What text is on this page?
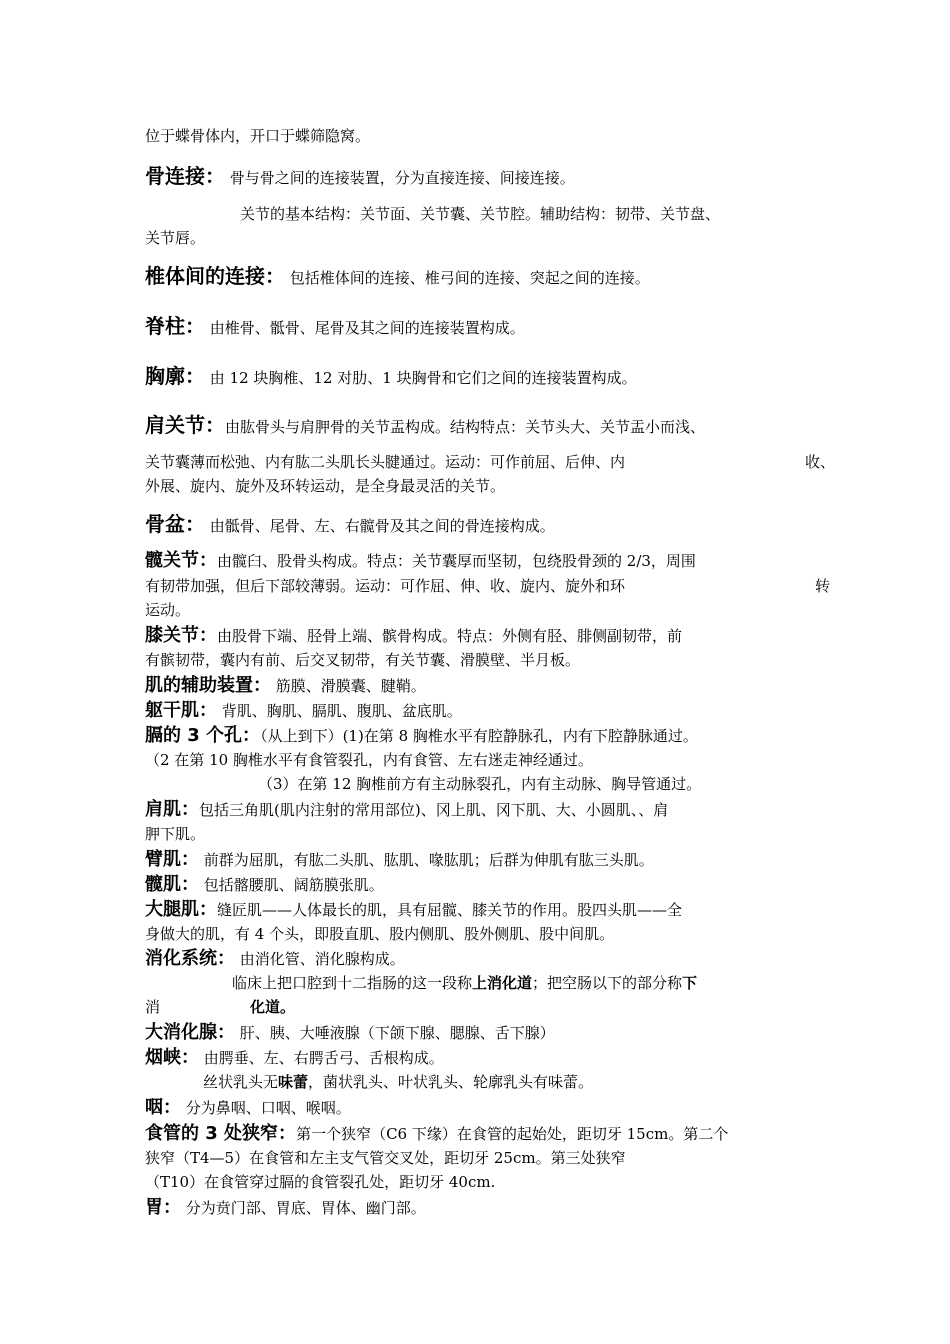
位于蝶骨体内，开口于蝶筛隐窝。
骨连接： 骨与骨之间的连接装置，分为直接连接、间接连接。
关节的基本结构：关节面、关节囊、关节腔。辅助结构：韧带、关节盘、
关节唇。
椎体间的连接： 包括椎体间的连接、椎弓间的连接、突起之间的连接。
脊柱： 由椎骨、骶骨、尾骨及其之间的连接装置构成。
胸廓： 由 12 块胸椎、12 对肋、1 块胸骨和它们之间的连接装置构成。
肩关节：由肱骨头与肩胛骨的关节盂构成。结构特点：关节头大、关节盂小而浅、
关节囊薄而松弛、内有肱二头肌长头腱通过。运动：可作前屈、后伸、内	收、
外展、旋内、旋外及环转运动，是全身最灵活的关节。
骨盆： 由骶骨、尾骨、左、右髋骨及其之间的骨连接构成。
髋关节：由髋臼、股骨头构成。特点：关节囊厚而坚韧，包绕股骨颈的 2/3，周围
有韧带加强，但后下部较薄弱。运动：可作屈、伸、收、旋内、旋外和环	转
运动。
膝关节：由股骨下端、胫骨上端、髌骨构成。特点：外侧有胫、腓侧副韧带，前
有髌韧带，囊内有前、后交叉韧带，有关节囊、滑膜壁、半月板。
肌的辅助装置： 筋膜、滑膜囊、腱鞘。
躯干肌： 背肌、胸肌、膈肌、腹肌、盆底肌。
膈的 3 个孔：（从上到下）(1)在第 8 胸椎水平有腔静脉孔，内有下腔静脉通过。
（2 在第 10 胸椎水平有食管裂孔，内有食管、左右迷走神经通过。
（3）在第 12 胸椎前方有主动脉裂孔，内有主动脉、胸导管通过。
肩肌：包括三角肌(肌内注射的常用部位)、冈上肌、冈下肌、大、小圆肌、、肩
胛下肌。
臂肌： 前群为屈肌，有肱二头肌、肱肌、喙肱肌；后群为伸肌有肱三头肌。
髋肌： 包括髂腰肌、阔筋膜张肌。
大腿肌：缝匠肌——人体最长的肌，具有屈髋、膝关节的作用。股四头肌——全
身做大的肌，有 4 个头，即股直肌、股内侧肌、股外侧肌、股中间肌。
消化系统： 由消化管、消化腺构成。
临床上把口腔到十二指肠的这一段称上消化道；把空肠以下的部分称下
消	化道。
大消化腺： 肝、胰、大唾液腺（下颌下腺、腮腺、舌下腺）
烟峡： 由腭垂、左、右腭舌弓、舌根构成。
丝状乳头无味蕾，菌状乳头、叶状乳头、轮廓乳头有味蕾。
咽： 分为鼻咽、口咽、喉咽。
食管的 3 处狭窄：第一个狭窄（C6 下缘）在食管的起始处，距切牙 15cm。第二个
狭窄（T4—5）在食管和左主支气管交叉处，距切牙 25cm。第三处狭窄
（T10）在食管穿过膈的食管裂孔处，距切牙 40cm.
胃： 分为贲门部、胃底、胃体、幽门部。
